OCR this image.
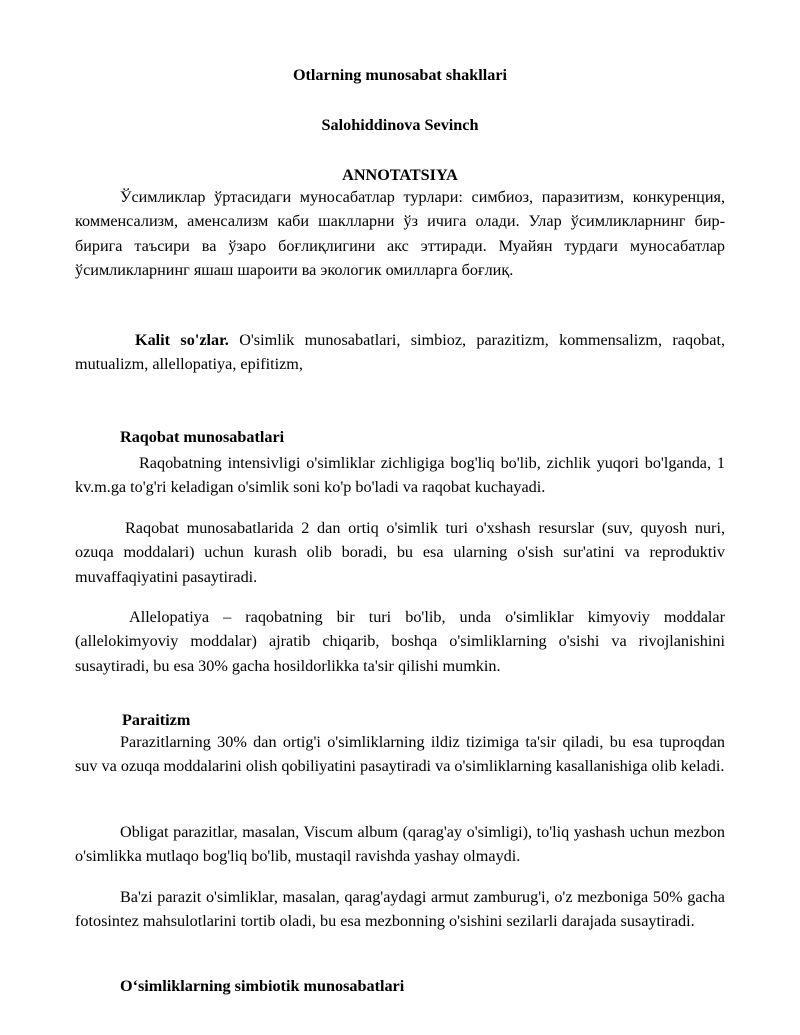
Otlarning munosabat shakllari
Salohiddinova Sevinch
ANNOTATSIYA

Ўсимликлар ўртасидаги муносабатлар турлари: симбиоз, паразитизм, конкуренция, комменсализм, аменсализм каби шаклларни ўз ичига олади. Улар ўсимликларнинг бир-бирига таъсири ва ўзаро боғлиқлигини акс эттиради. Муайян турдаги муносабатлар ўсимликларнинг яшаш шароити ва экологик омилларга боғлиқ.

Kalit so'zlar. O'simlik munosabatlari, simbioz, parazitizm, kommensalizm, raqobat, mutualizm, allellopatiya, epifitizm,

Raqobat munosabatlari

Raqobatning intensivligi o'simliklar zichligiga bog'liq bo'lib, zichlik yuqori bo'lganda, 1 kv.m.ga to'g'ri keladigan o'simlik soni ko'p bo'ladi va raqobat kuchayadi.

Raqobat munosabatlarida 2 dan ortiq o'simlik turi o'xshash resurslar (suv, quyosh nuri, ozuqa moddalari) uchun kurash olib boradi, bu esa ularning o'sish sur'atini va reproduktiv muvaffaqiyatini pasaytiradi.

Allelopatiya – raqobatning bir turi bo'lib, unda o'simliklar kimyoviy moddalar (allelokimyoviy moddalar) ajratib chiqarib, boshqa o'simliklarning o'sishi va rivojlanishini susaytiradi, bu esa 30% gacha hosildorlikka ta'sir qilishi mumkin.

Paraitizm

Parazitlarning 30% dan ortig'i o'simliklarning ildiz tizimiga ta'sir qiladi, bu esa tuproqdan suv va ozuqa moddalarini olish qobiliyatini pasaytiradi va o'simliklarning kasallanishiga olib keladi.

Obligat parazitlar, masalan, Viscum album (qarag'ay o'simligi), to'liq yashash uchun mezbon o'simlikka mutlaqo bog'liq bo'lib, mustaqil ravishda yashay olmaydi.

Ba'zi parazit o'simliklar, masalan, qarag'aydagi armut zamburug'i, o'z mezboniga 50% gacha fotosintez mahsulotlarini tortib oladi, bu esa mezbonning o'sishini sezilarli darajada susaytiradi.

O‘simliklarning simbiotik munosabatlari
